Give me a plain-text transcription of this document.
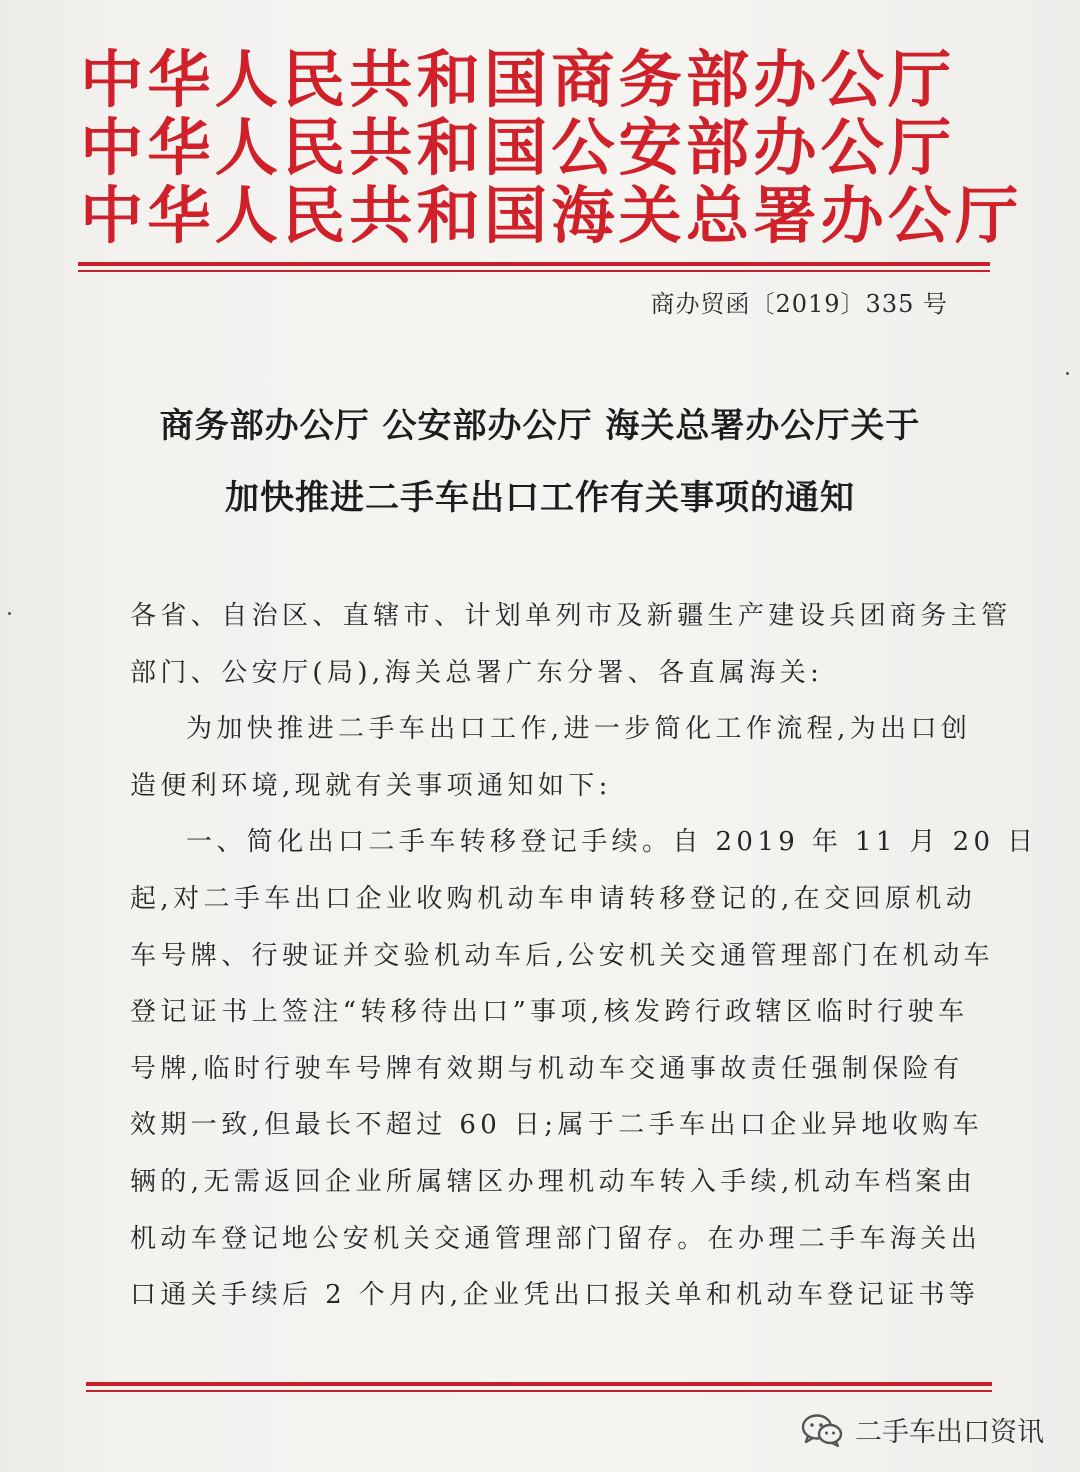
中华人民共和国商务部办公厅
中华人民共和国公安部办公厅
中华人民共和国海关总署办公厅
商办贸函〔2019〕335 号
商务部办公厅 公安部办公厅 海关总署办公厅关于
加快推进二手车出口工作有关事项的通知
各省、自治区、直辖市、计划单列市及新疆生产建设兵团商务主管
部门、公安厅(局),海关总署广东分署、各直属海关:
为加快推进二手车出口工作,进一步简化工作流程,为出口创
造便利环境,现就有关事项通知如下:
一、简化出口二手车转移登记手续。自 2019 年 11 月 20 日
起,对二手车出口企业收购机动车申请转移登记的,在交回原机动
车号牌、行驶证并交验机动车后,公安机关交通管理部门在机动车
登记证书上签注“转移待出口”事项,核发跨行政辖区临时行驶车
号牌,临时行驶车号牌有效期与机动车交通事故责任强制保险有
效期一致,但最长不超过 60 日;属于二手车出口企业异地收购车
辆的,无需返回企业所属辖区办理机动车转入手续,机动车档案由
机动车登记地公安机关交通管理部门留存。在办理二手车海关出
口通关手续后 2 个月内,企业凭出口报关单和机动车登记证书等
二手车出口资讯
